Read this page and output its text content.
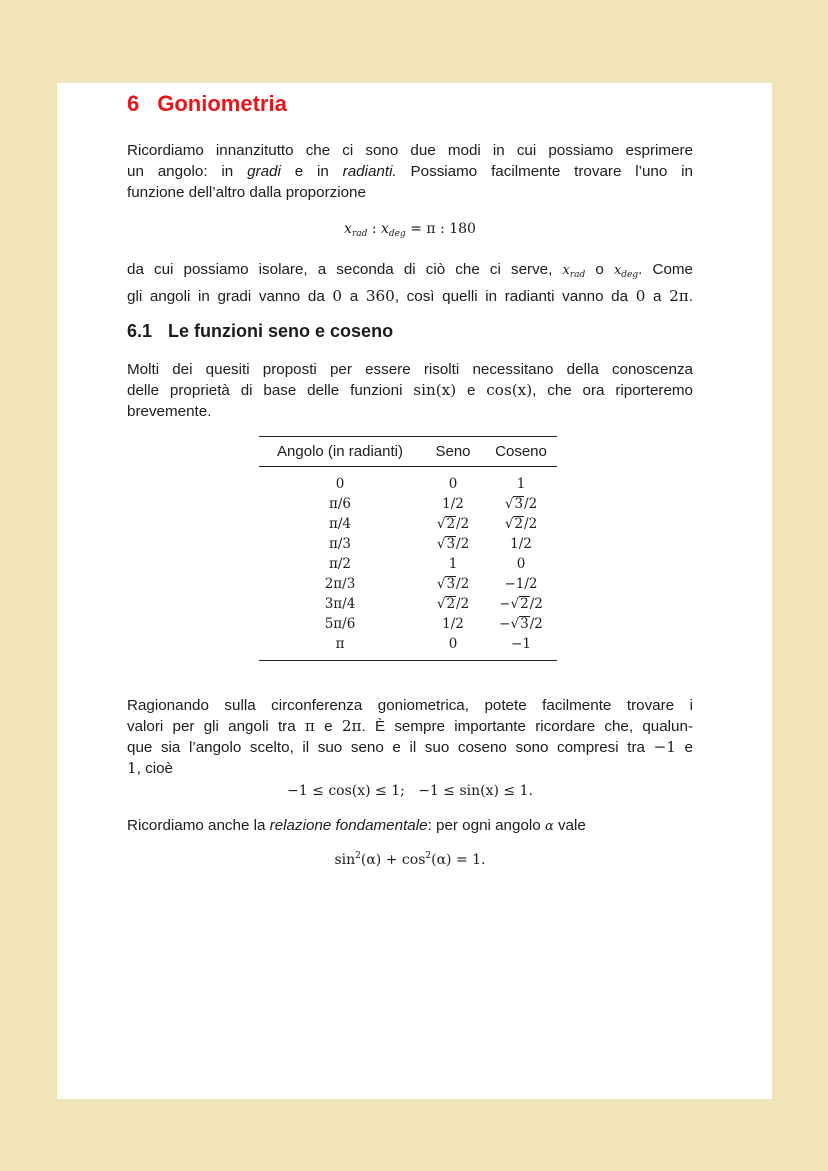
6 Goniometria
Ricordiamo innanzitutto che ci sono due modi in cui possiamo esprimere
un angolo: in gradi e in radianti. Possiamo facilmente trovare l’uno in
funzione dell’altro dalla proporzione
$x_{rad}$ : $x_{deg} = \pi$ : 180
da cui possiamo isolare, a seconda di ciò che ci serve, $x_{rad}$ o $x_{deg}$. Come
gli angoli in gradi vanno da 0 a 360, così quelli in radianti vanno da 0 a 2π.
6.1 Le funzioni seno e coseno
Molti dei quesiti proposti per essere risolti necessitano della conoscenza
delle proprietà di base delle funzioni sin(x) e cos(x), che ora riporteremo
brevemente.
Angolo (in radianti)	Seno	Coseno
0	0	1
π/6	1/2	√3/2
π/4	√2/2	√2/2
π/3	√3/2	1/2
π/2	1	0
2π/3	√3/2	−1/2
3π/4	√2/2	−√2/2
5π/6	1/2	−√3/2
π	0	−1
Ragionando sulla circonferenza goniometrica, potete facilmente trovare i
valori per gli angoli tra π e 2π. È sempre importante ricordare che, qualun-
que sia l’angolo scelto, il suo seno e il suo coseno sono compresi tra −1 e
1, cioè
−1 ≤ cos(x) ≤ 1;   −1 ≤ sin(x) ≤ 1.
Ricordiamo anche la relazione fondamentale: per ogni angolo α vale
$\sin^2(\alpha) + \cos^2(\alpha) = 1$.
